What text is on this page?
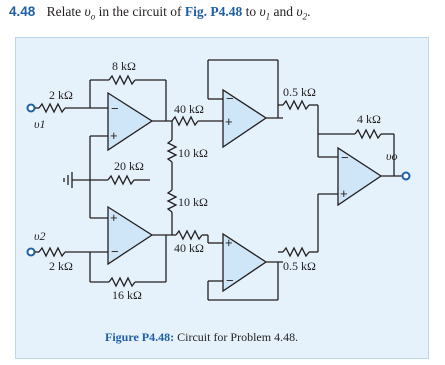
4.48 Relate $\upsilon_o$ in the circuit of Fig. P4.48 to $\upsilon_1$ and $\upsilon_2$.
8 kΩ
2 kΩ
υ1
40 kΩ
0.5 kΩ
4 kΩ
10 kΩ
20 kΩ
υo
10 kΩ
υ2
40 kΩ
2 kΩ	0.5 kΩ
16 kΩ
−
+
−
+
−
+
+
−
+
−
Figure P4.48: Circuit for Problem 4.48.
